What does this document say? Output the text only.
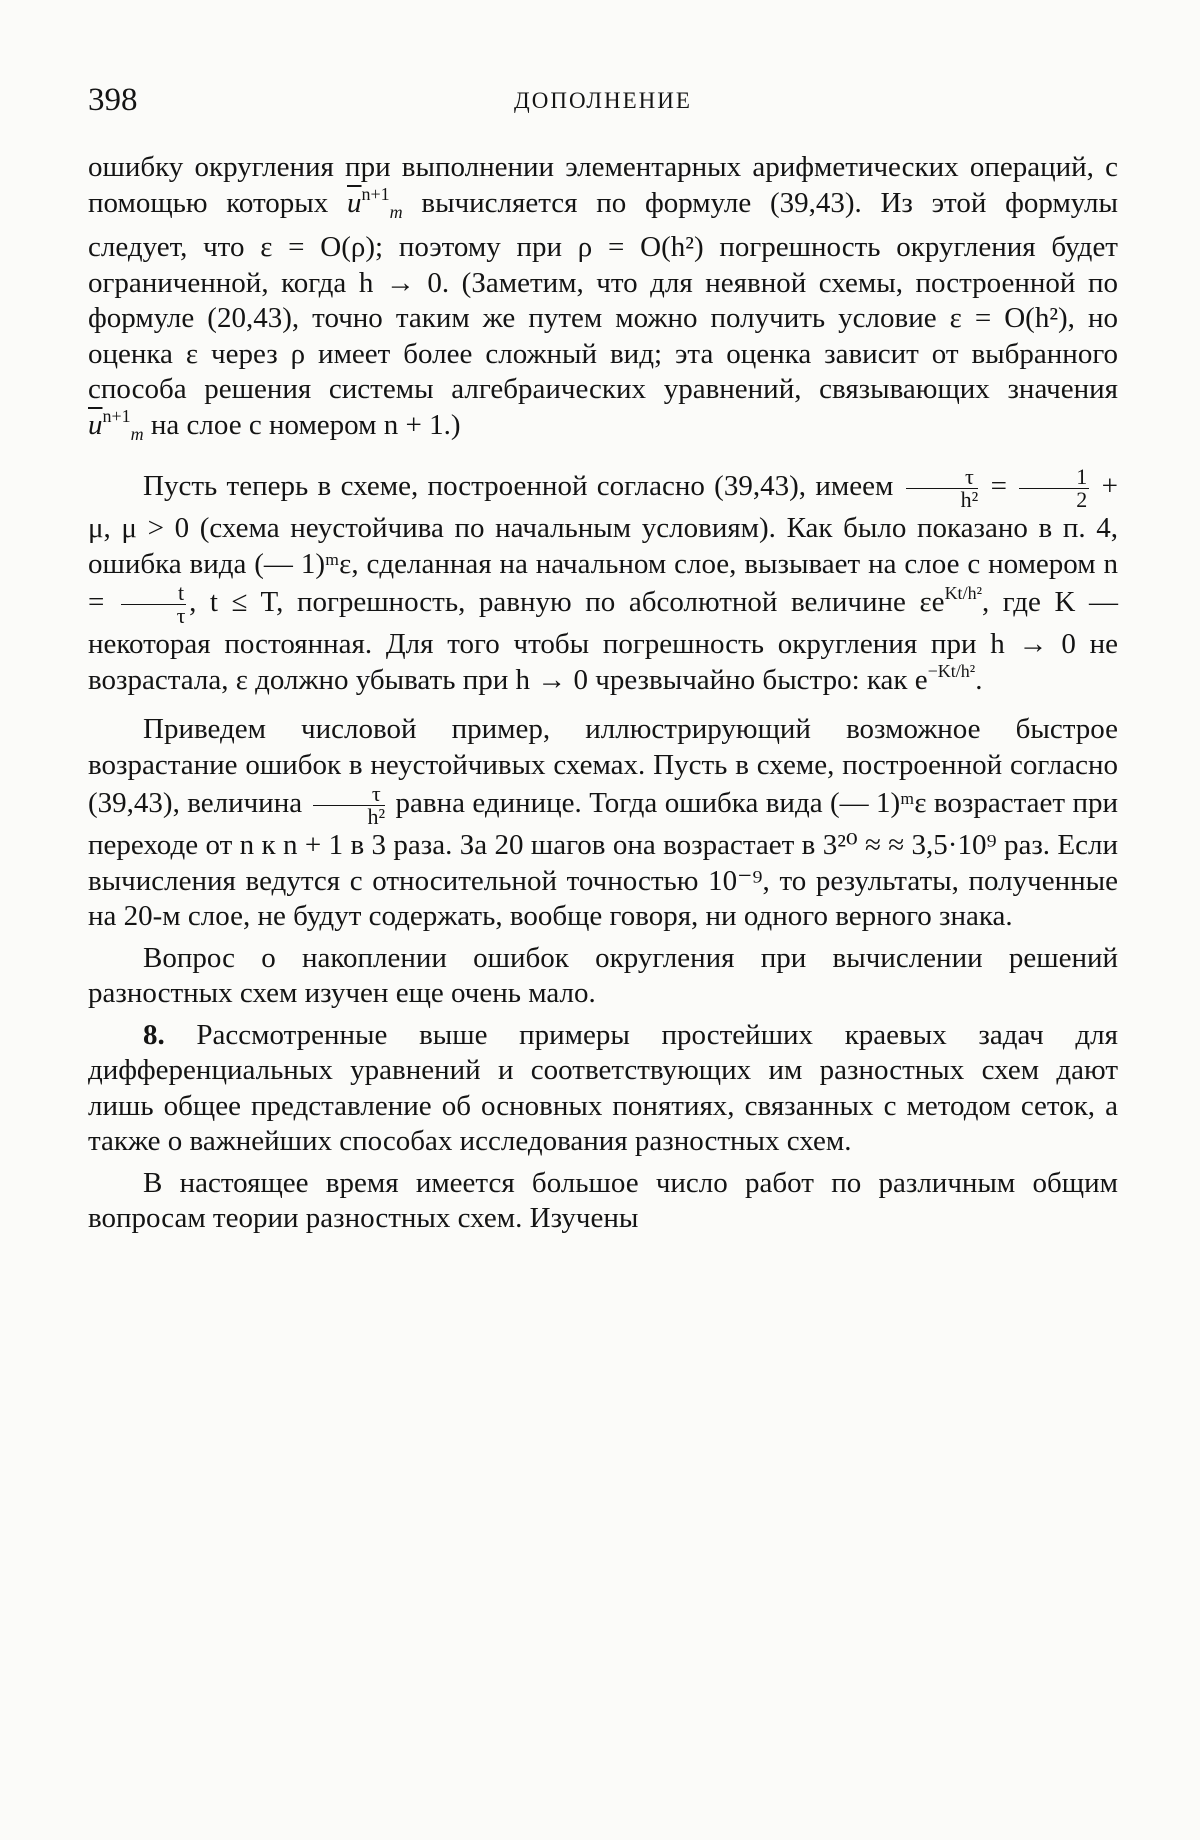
398	ДОПОЛНЕНИЕ

ошибку округления при выполнении элементарных арифметических операций, с помощью которых $\overline{u}^{n+1}_m$ вычисляется по формуле (39,43). Из этой формулы следует, что ε = O(ρ); поэтому при ρ = O(h²) погрешность округления будет ограниченной, когда h → 0. (Заметим, что для неявной схемы, построенной по формуле (20,43), точно таким же путем можно получить условие ε = O(h²), но оценка ε через ρ имеет более сложный вид; эта оценка зависит от выбранного способа решения системы алгебраических уравнений, связывающих значения $\overline{u}^{n+1}_m$ на слое с номером n + 1.)

Пусть теперь в схеме, построенной согласно (39,43), имеем $\frac{\tau}{\text{h²}} = \frac{1}{2} + \mu$, μ > 0 (схема неустойчива по начальным условиям). Как было показано в п. 4, ошибка вида (— 1)ᵐε, сделанная на начальном слое, вызывает на слое с номером $n = \frac{t}{\tau}$ , t ≤ T, погрешность, равную по абсолютной величине $\varepsilon e^{Kt/h^2}$, где K — некоторая постоянная. Для того чтобы погрешность округления при h → 0 не возрастала, ε должно убывать при h → 0 чрезвычайно быстро: как $e^{-Kt/h^2}$.

Приведем числовой пример, иллюстрирующий возможное быстрое возрастание ошибок в неустойчивых схемах. Пусть в схеме, построенной согласно (39,43), величина $\frac{\tau}{\text{h²}}$ равна единице. Тогда ошибка вида (— 1)ᵐε возрастает при переходе от n к n + 1 в 3 раза. За 20 шагов она возрастает в 3²⁰ ≈ ≈ 3,5·10⁹ раз. Если вычисления ведутся с относительной точностью 10⁻⁹, то результаты, полученные на 20-м слое, не будут содержать, вообще говоря, ни одного верного знака.

Вопрос о накоплении ошибок округления при вычислении решений разностных схем изучен еще очень мало.

8. Рассмотренные выше примеры простейших краевых задач для дифференциальных уравнений и соответствующих им разностных схем дают лишь общее представление об основных понятиях, связанных с методом сеток, а также о важнейших способах исследования разностных схем.

В настоящее время имеется большое число работ по различным общим вопросам теории разностных схем. Изучены
